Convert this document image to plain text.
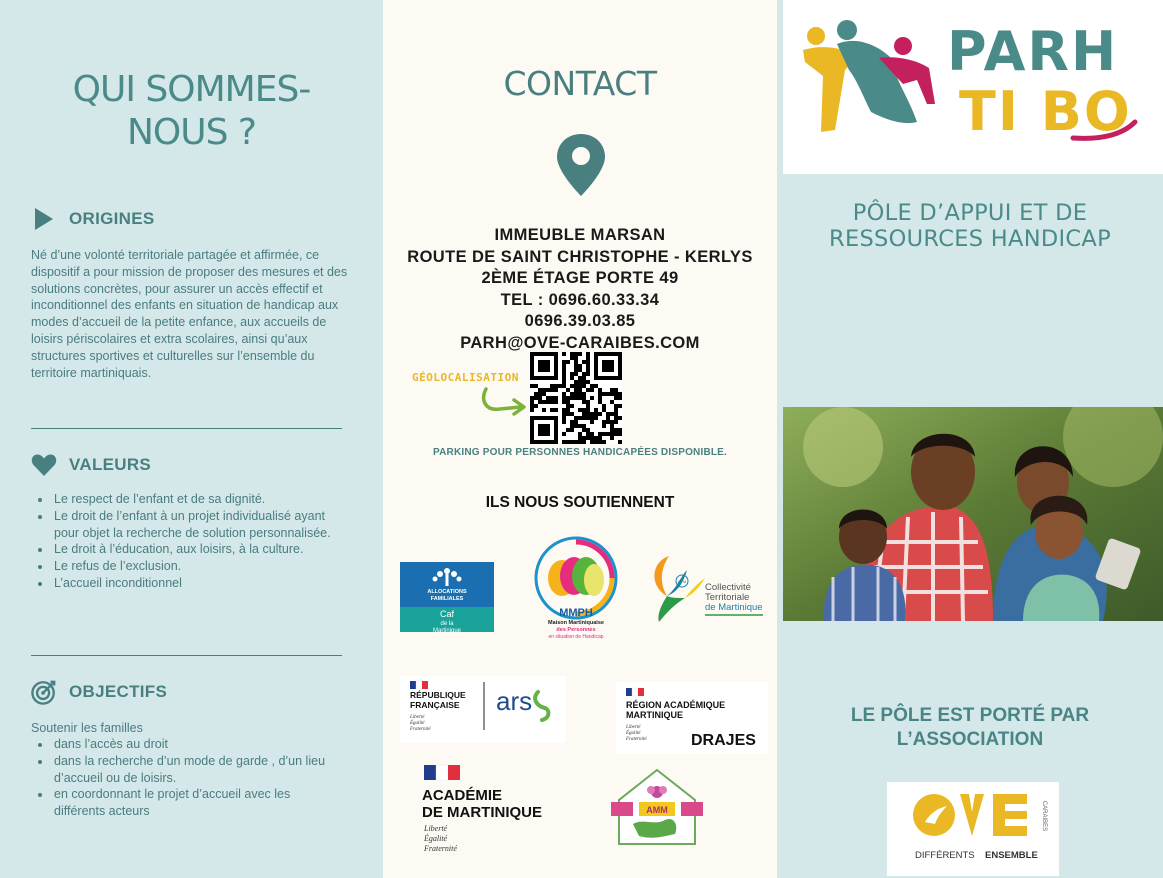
QUI SOMMES-
NOUS ?
ORIGINES
Né d’une volonté territoriale partagée et affirmée, ce dispositif a pour mission de proposer des mesures et des solutions concrètes, pour assurer un accès effectif et inconditionnel des enfants en situation de handicap aux modes d’accueil de la petite enfance, aux accueils de loisirs périscolaires et extra scolaires, ainsi qu’aux structures sportives et culturelles sur l’ensemble du territoire martiniquais.
VALEURS
Le respect de l’enfant et de sa dignité.
Le droit de l’enfant à un projet individualisé ayant pour objet la recherche de solution personnalisée.
Le droit à l’éducation, aux loisirs, à la culture.
Le refus de l’exclusion.
L’accueil inconditionnel
OBJECTIFS
Soutenir les familles
dans l’accès au droit
dans la recherche d’un mode de garde , d’un lieu d’accueil ou de loisirs.
en coordonnant le projet d’accueil avec les différents acteurs
CONTACT
IMMEUBLE MARSAN
ROUTE DE SAINT CHRISTOPHE - KERLYS
2ÈME ÉTAGE PORTE 49
TEL : 0696.60.33.34
0696.39.03.85
PARH@OVE-CARAIBES.COM
GÉOLOCALISATION
PARKING POUR PERSONNES HANDICAPÉES DISPONIBLE.
ILS NOUS SOUTIENNENT
ALLOCATIONS
FAMILIALES
Caf
de la
Martinique
MMPH
Maison Martiniquaise
des Personnes
en situation de Handicap
CTM
Collectivité
Territoriale
de Martinique
RÉPUBLIQUE
FRANÇAISE
Liberté
Égalité
Fraternité
ars	RÉGION ACADÉMIQUE
MARTINIQUE
Liberté
Égalité
Fraternité	DRAJES
ACADÉMIE
DE MARTINIQUE
Liberté
Égalité
Fraternité
AMM
PARH
TI BO
PÔLE D’APPUI ET DE
RESSOURCES HANDICAP
LE PÔLE EST PORTÉ PAR
L’ASSOCIATION
CARAIBES
DIFFÉRENTS ENSEMBLE
